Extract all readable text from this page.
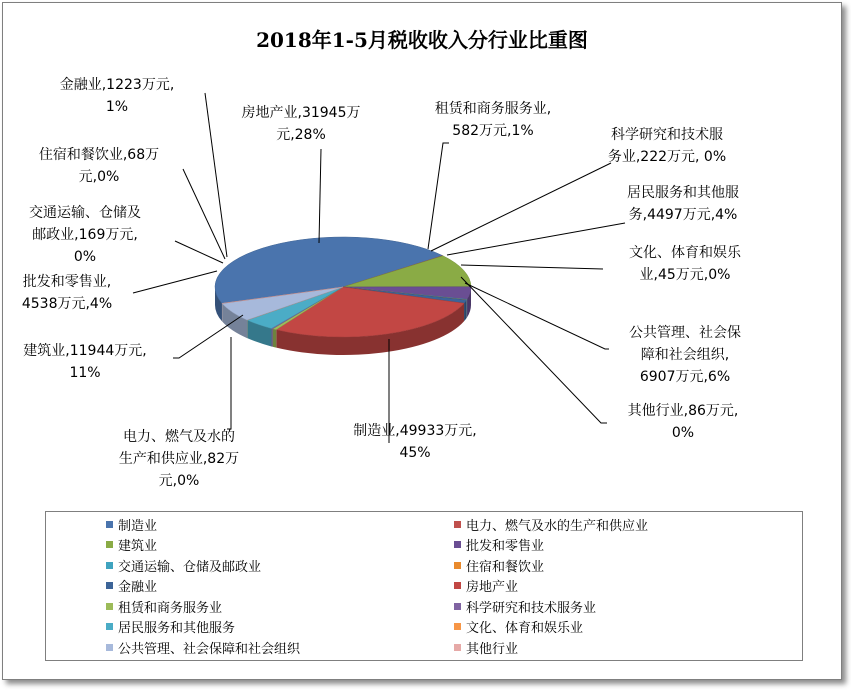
2018年1-5月税收收入分行业比重图
制造业,49933万元, 45%
电力、燃气及水的生产和供应业,82万元,0%
建筑业,11944万元, 11%
批发和零售业, 4538万元,4%
交通运输、仓储及邮政业,169万元, 0%
住宿和餐饮业,68万元,0%
金融业,1223万元, 1%	房地产业,31945万元,28%
租赁和商务服务业, 582万元,1%	科学研究和技术服务业,222万元, 0%
居民服务和其他服务,4497万元,4%
文化、体育和娱乐业,45万元,0%
公共管理、社会保障和社会组织, 6907万元,6%
其他行业,86万元, 0%
制造业	电力、燃气及水的生产和供应业
建筑业	批发和零售业
交通运输、仓储及邮政业	住宿和餐饮业
金融业	房地产业
租赁和商务服务业	科学研究和技术服务业
居民服务和其他服务	文化、体育和娱乐业
公共管理、社会保障和社会组织	其他行业
